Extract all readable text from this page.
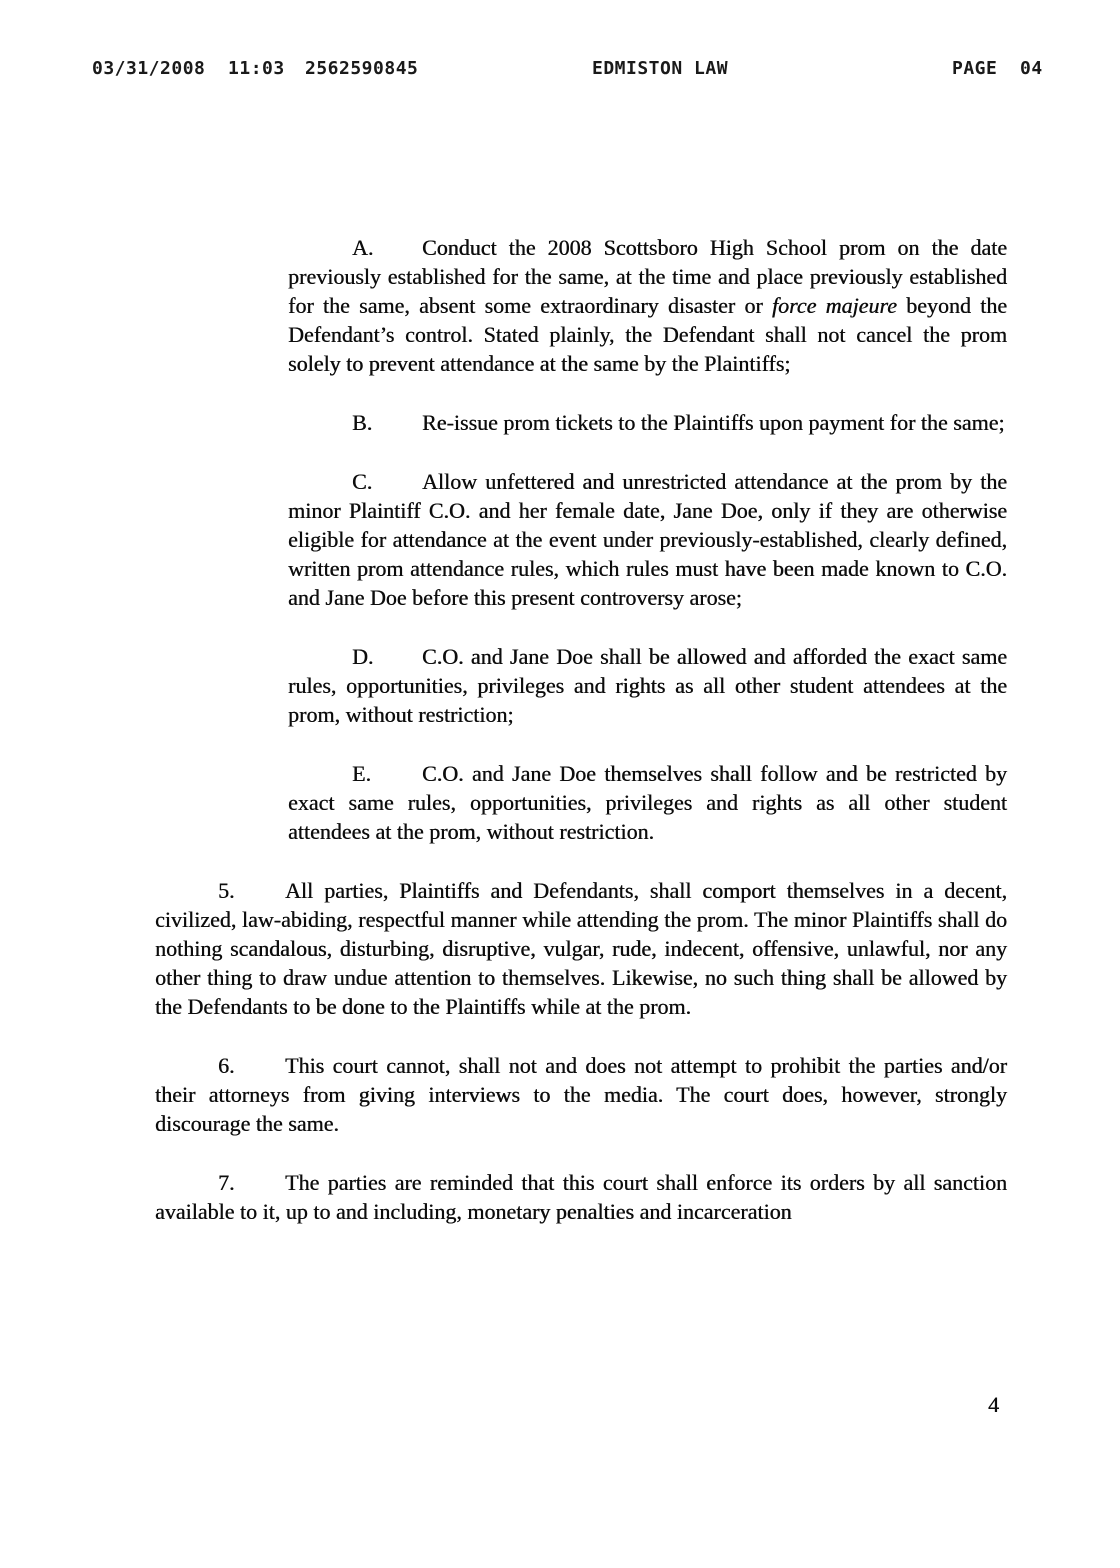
03/31/2008  11:03 2562590845	EDMISTON LAW	PAGE  04

A. Conduct the 2008 Scottsboro High School prom on the date previously established for the same, at the time and place previously established for the same, absent some extraordinary disaster or force majeure beyond the Defendant’s control. Stated plainly, the Defendant shall not cancel the prom solely to prevent attendance at the same by the Plaintiffs;

B. Re-issue prom tickets to the Plaintiffs upon payment for the same;

C. Allow unfettered and unrestricted attendance at the prom by the minor Plaintiff C.O. and her female date, Jane Doe, only if they are otherwise eligible for attendance at the event under previously-established, clearly defined, written prom attendance rules, which rules must have been made known to C.O. and Jane Doe before this present controversy arose;

D. C.O. and Jane Doe shall be allowed and afforded the exact same rules, opportunities, privileges and rights as all other student attendees at the prom, without restriction;

E. C.O. and Jane Doe themselves shall follow and be restricted by exact same rules, opportunities, privileges and rights as all other student attendees at the prom, without restriction.

5. All parties, Plaintiffs and Defendants, shall comport themselves in a decent, civilized, law-abiding, respectful manner while attending the prom. The minor Plaintiffs shall do nothing scandalous, disturbing, disruptive, vulgar, rude, indecent, offensive, unlawful, nor any other thing to draw undue attention to themselves. Likewise, no such thing shall be allowed by the Defendants to be done to the Plaintiffs while at the prom.

6. This court cannot, shall not and does not attempt to prohibit the parties and/or their attorneys from giving interviews to the media. The court does, however, strongly discourage the same.

7. The parties are reminded that this court shall enforce its orders by all sanction available to it, up to and including, monetary penalties and incarceration

4
